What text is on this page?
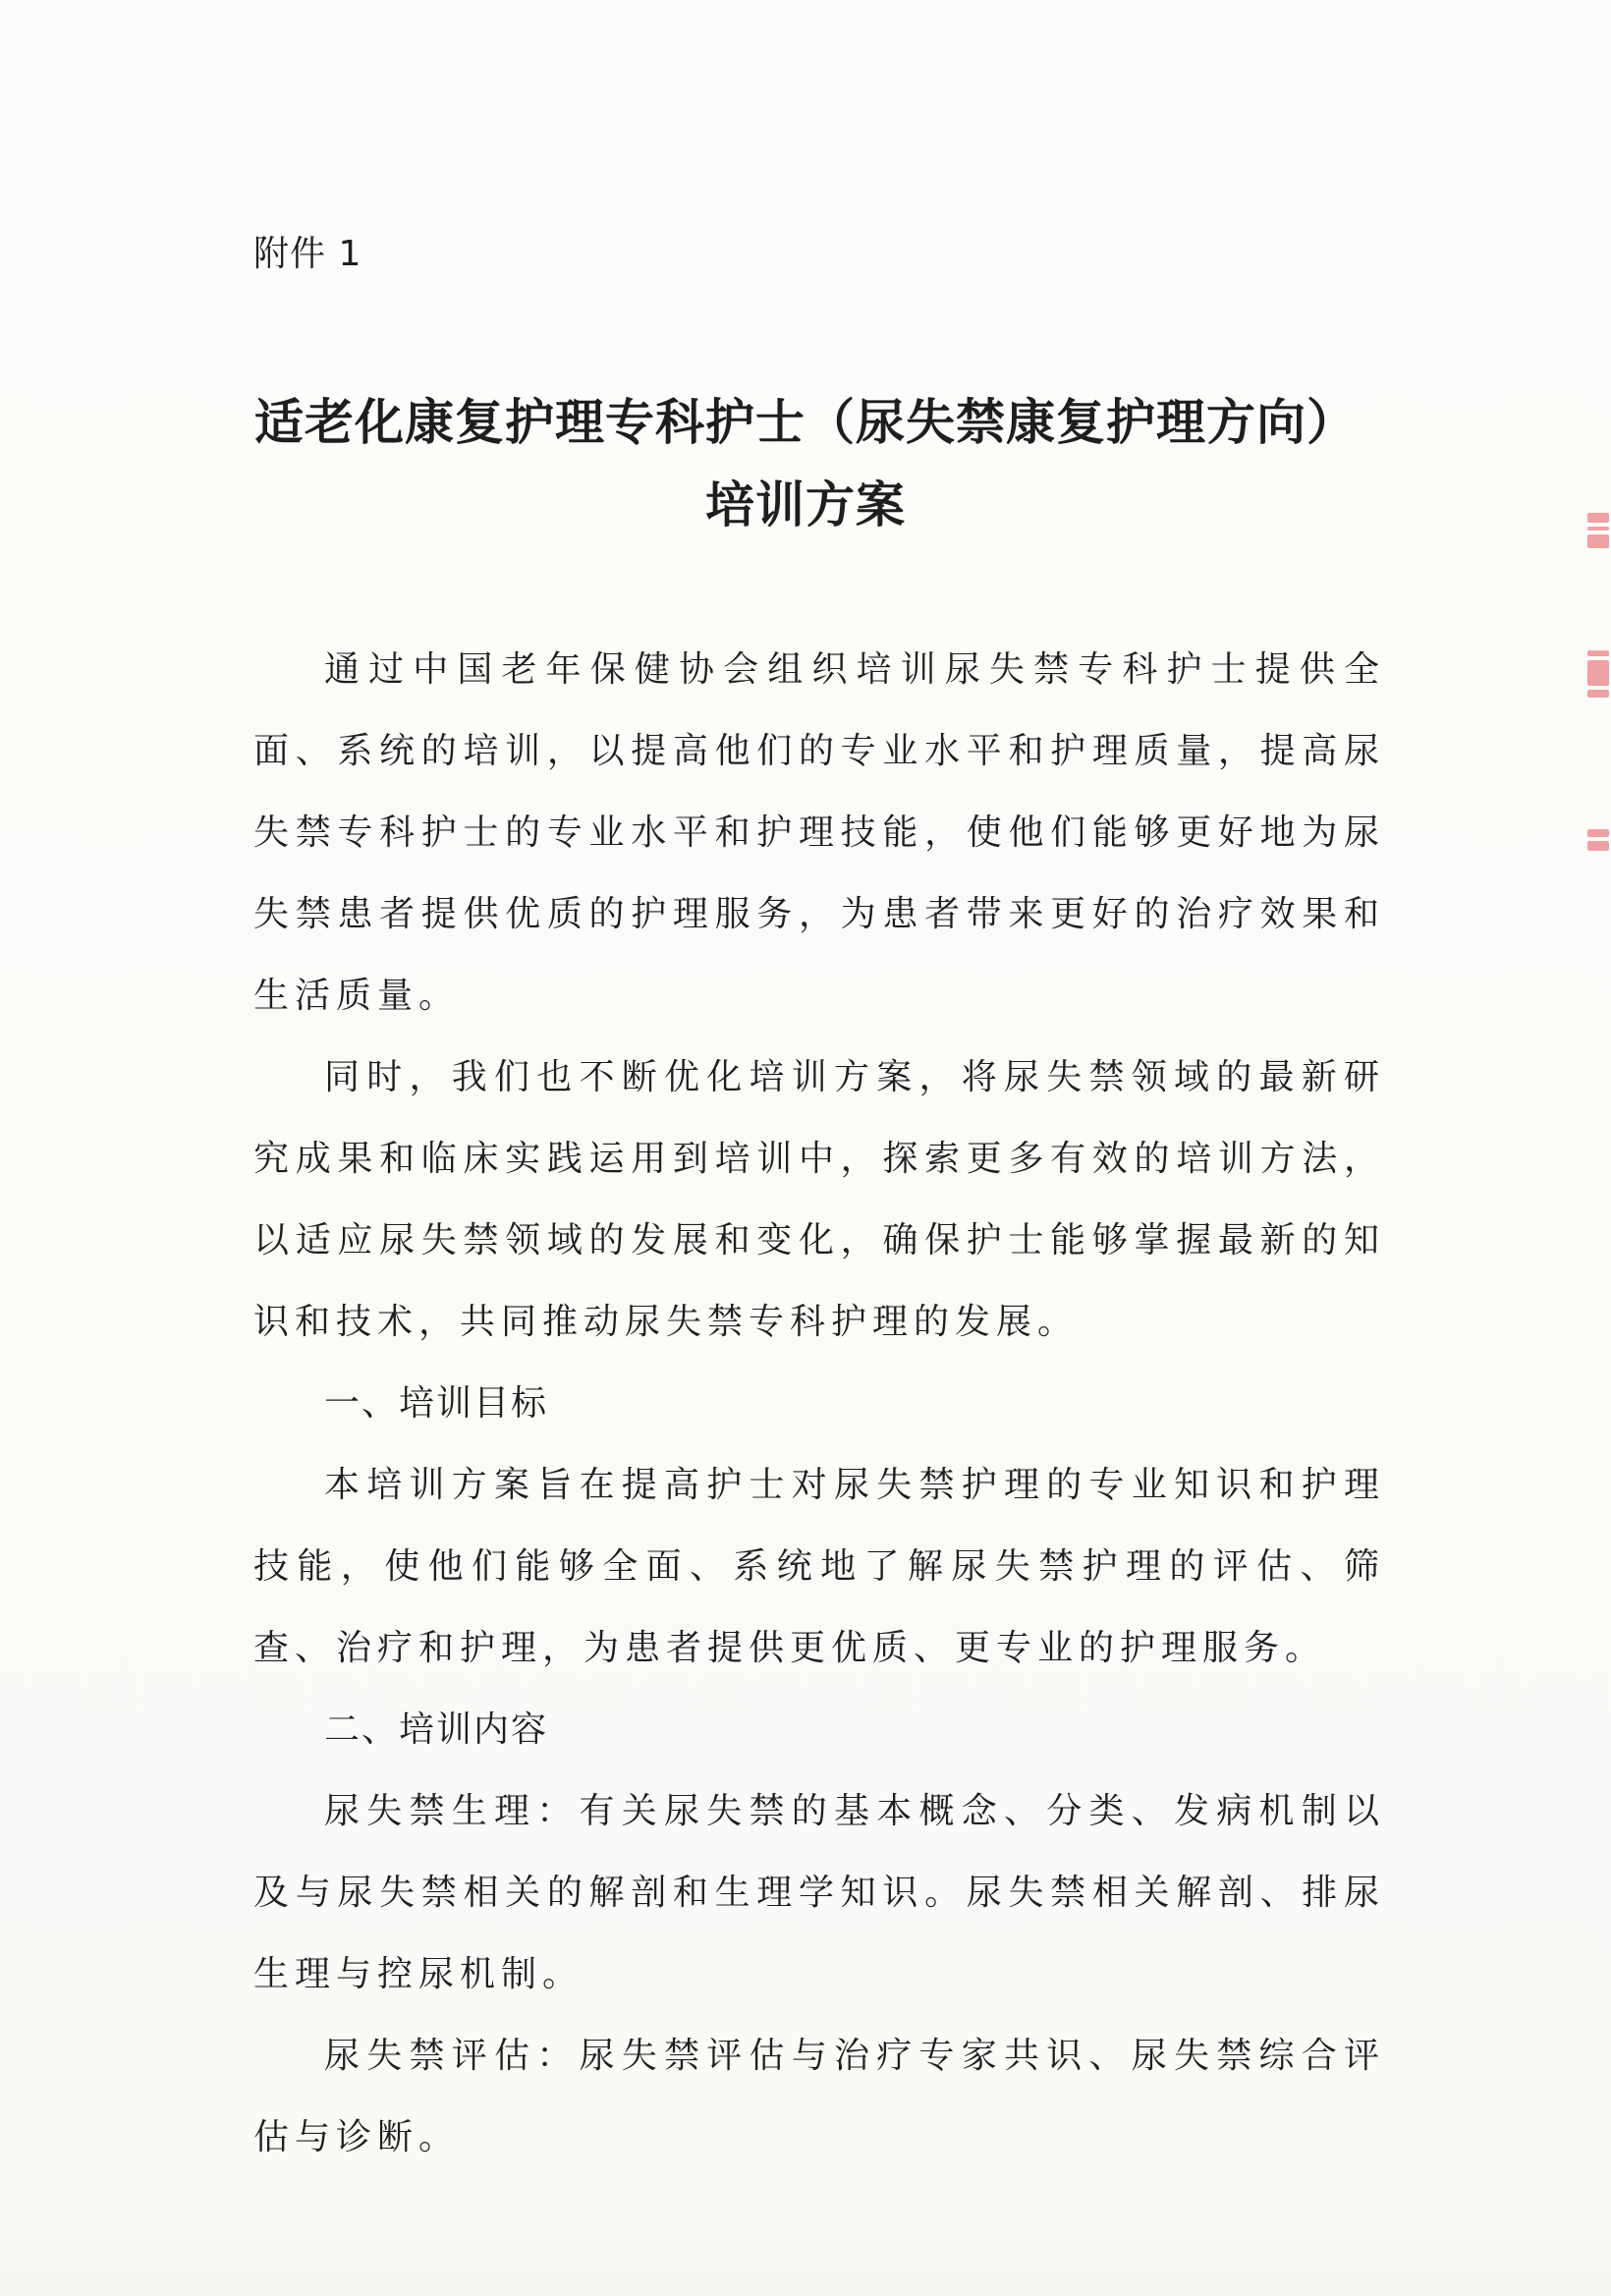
附件 1
适老化康复护理专科护士（尿失禁康复护理方向）
培训方案

通过中国老年保健协会组织培训尿失禁专科护士提供全面、系统的培训，以提高他们的专业水平和护理质量，提高尿失禁专科护士的专业水平和护理技能，使他们能够更好地为尿失禁患者提供优质的护理服务，为患者带来更好的治疗效果和生活质量。

同时，我们也不断优化培训方案，将尿失禁领域的最新研究成果和临床实践运用到培训中，探索更多有效的培训方法，以适应尿失禁领域的发展和变化，确保护士能够掌握最新的知识和技术，共同推动尿失禁专科护理的发展。

一、培训目标

本培训方案旨在提高护士对尿失禁护理的专业知识和护理技能，使他们能够全面、系统地了解尿失禁护理的评估、筛查、治疗和护理，为患者提供更优质、更专业的护理服务。

二、培训内容

尿失禁生理：有关尿失禁的基本概念、分类、发病机制以及与尿失禁相关的解剖和生理学知识。尿失禁相关解剖、排尿生理与控尿机制。

尿失禁评估：尿失禁评估与治疗专家共识、尿失禁综合评估与诊断。
